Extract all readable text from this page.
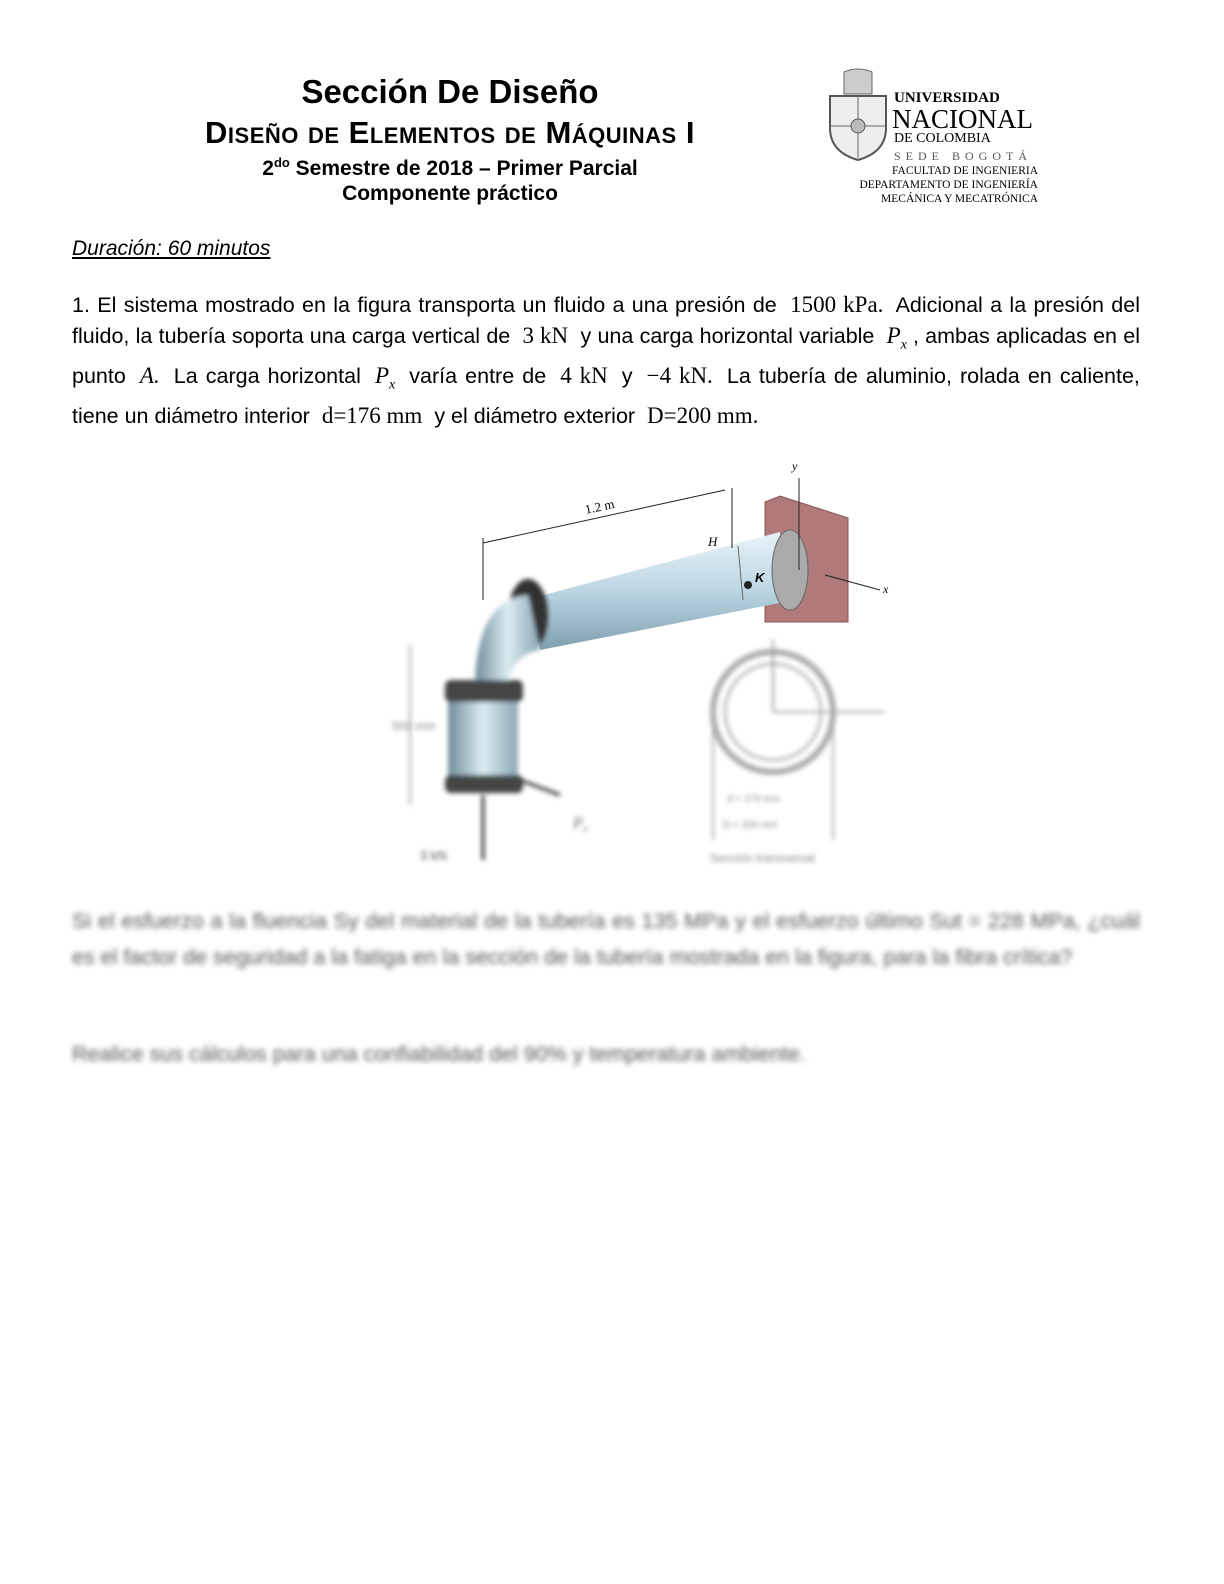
Sección De Diseño
Diseño de Elementos de Máquinas I
$2^{do}$ Semestre de 2018 – Primer Parcial
Componente práctico
UNIVERSIDAD
NACIONAL
DE COLOMBIA
SEDE BOGOTÁ
FACULTAD DE INGENIERIA
DEPARTAMENTO DE INGENIERÍA
MECÁNICA Y MECATRÓNICA
Duración: 60 minutos
1. El sistema mostrado en la figura transporta un fluido a una presión de 1500 kPa. Adicional a la presión del fluido, la tubería soporta una carga vertical de 3 kN y una carga horizontal variable $P_x$ , ambas aplicadas en el punto A. La carga horizontal $P_x$ varía entre de 4 kN y −4 kN. La tubería de aluminio, rolada en caliente, tiene un diámetro interior d=176 mm y el diámetro exterior D=200 mm.
1.2 m
H
K
y
x
500 mm
3 kN
$P_x$
d = 176 mm
D = 200 mm
Sección transversal
Si el esfuerzo a la fluencia Sy del material de la tubería es 135 MPa y el esfuerzo último Sut = 228 MPa, ¿cuál es el factor de seguridad a la fatiga en la sección de la tubería mostrada en la figura, para la fibra crítica?
Realice sus cálculos para una confiabilidad del 90% y temperatura ambiente.
